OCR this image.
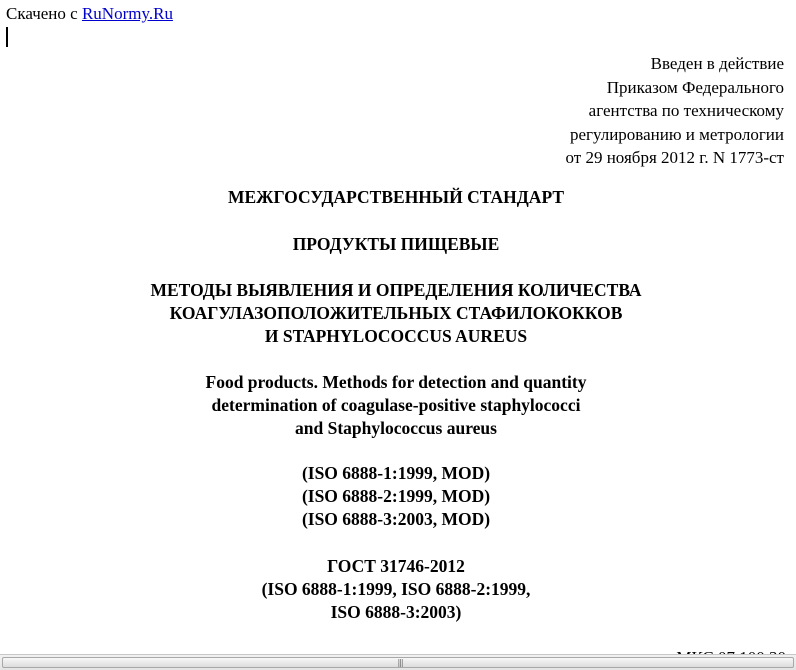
Скачено с RuNormy.Ru
Введен в действие
Приказом Федерального
агентства по техническому
регулированию и метрологии
от 29 ноября 2012 г. N 1773-ст
МЕЖГОСУДАРСТВЕННЫЙ СТАНДАРТ
ПРОДУКТЫ ПИЩЕВЫЕ
МЕТОДЫ ВЫЯВЛЕНИЯ И ОПРЕДЕЛЕНИЯ КОЛИЧЕСТВА
КОАГУЛАЗОПОЛОЖИТЕЛЬНЫХ СТАФИЛОКОККОВ
И STAPHYLOCOCCUS AUREUS
Food products. Methods for detection and quantity
determination of coagulase-positive staphylococci
and Staphylococcus aureus
(ISO 6888-1:1999, MOD)
(ISO 6888-2:1999, MOD)
(ISO 6888-3:2003, MOD)
ГОСТ 31746-2012
(ISO 6888-1:1999, ISO 6888-2:1999,
ISO 6888-3:2003)
|||
